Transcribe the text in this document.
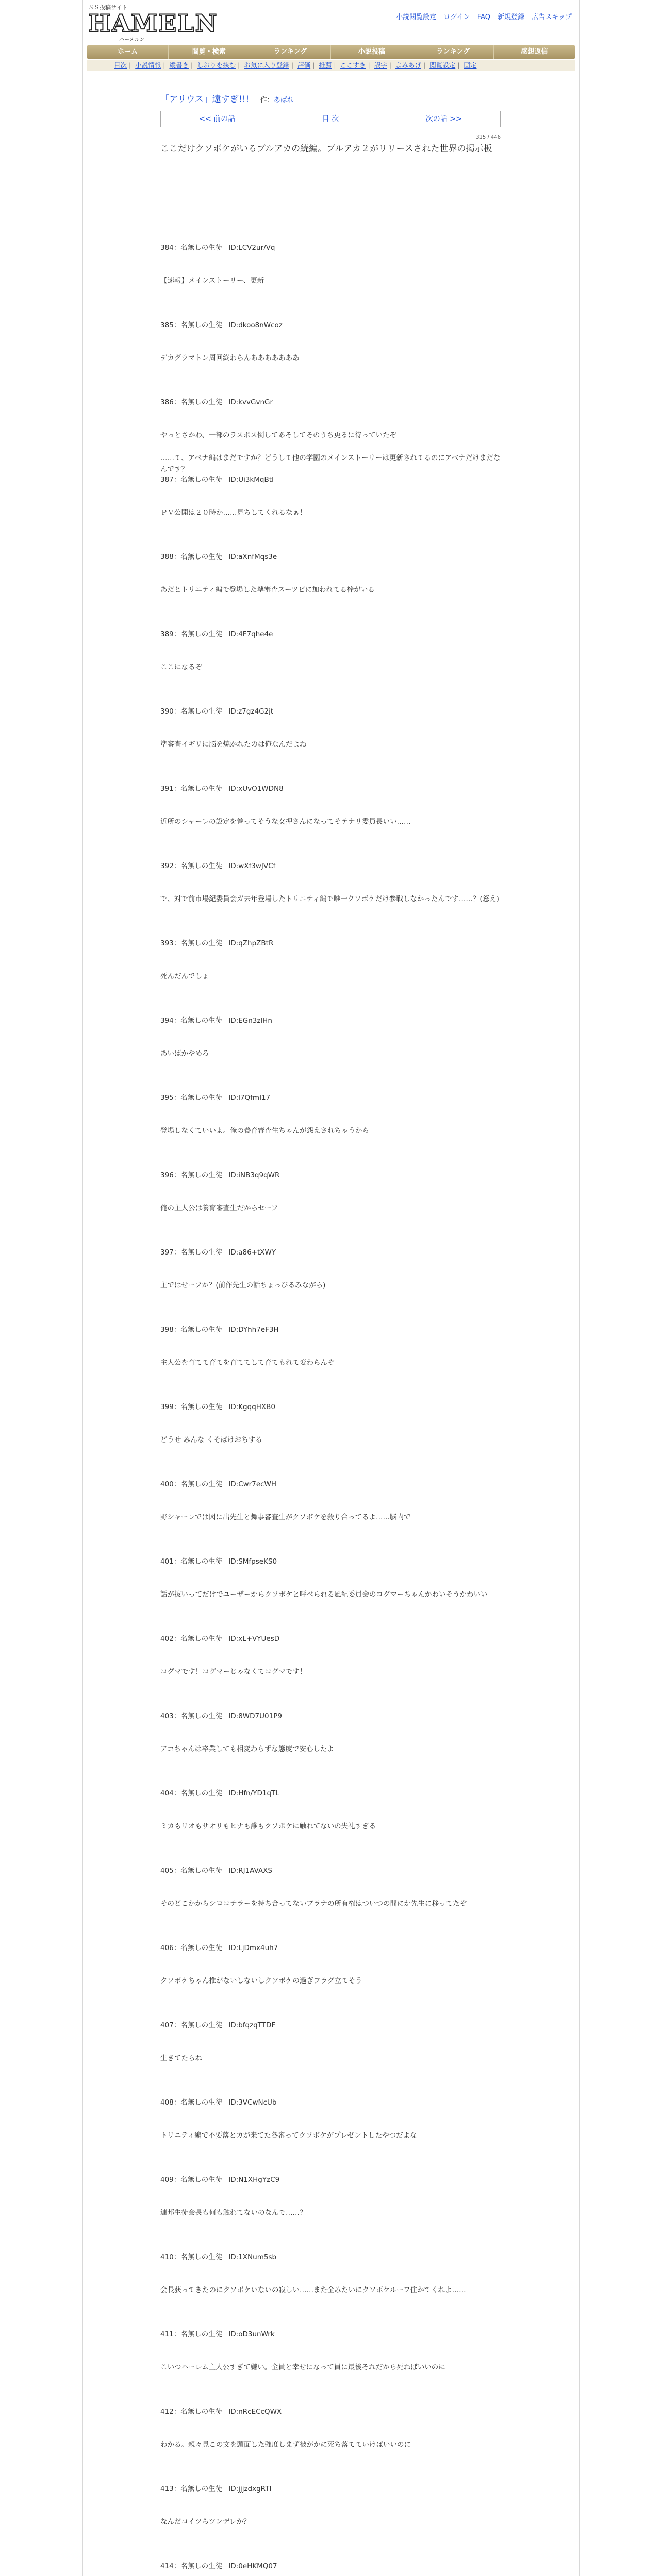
ＳＳ投稿サイト
HAMELN
ハーメルン
小説閲覧設定 ログイン FAQ 新規登録 広告スキップ
ホーム	閲覧・検索	ランキング	小説投稿	ランキング	感想返信
目次 | 小説情報 | 縦書き | しおりを挟む | お気に入り登録 | 評価 | 推薦 | ここすき | 誤字 | よみあげ | 閲覧設定 | 固定
「アリウス」遠すぎ!!! 作：あばれ
<< 前の話	目 次	次の話 >>
315 / 446
ここだけクソボケがいるブルアカの続編。ブルアカ２がリリースされた世界の掲示板
384：名無しの生徒 ID:LCV2ur/Vq
【速報】メインストーリー、更新
385：名無しの生徒 ID:dkoo8nWcoz
デカグラマトン周回終わらんあああああああ
386：名無しの生徒 ID:kvvGvnGr
やっとさかわ、一部のラスボス倒してあそしてそのうち更るに待っていたぞ

……て、アベナ編はまだですか？どうして他の学園のメインストーリーは更新されてるのにアベナだけまだなんです？
387：名無しの生徒 ID:Ui3kMqBtI
ＰＶ公開は２０時か……見ちしてくれるなぁ！
388：名無しの生徒 ID:aXnfMqs3e
あだとトリニティ編で登場した準審査スーツビに加われてる棒がいる
389：名無しの生徒 ID:4F7qhe4e
ここになるぞ
390：名無しの生徒 ID:z7gz4G2jt
準審査イギリに脳を焼かれたのは俺なんだよね
391：名無しの生徒 ID:xUvO1WDN8
近所のシャーレの設定を巻ってそうな女押さんになってそテナリ委員長いい……
392：名無しの生徒 ID:wXf3wJVCf
で、対で前市場紀委員会ガ去年登場したトリニティ編で唯一クソボケだけ参戦しなかったんです……？(怒え)
393：名無しの生徒 ID:qZhpZBtR
死んだんでしょ
394：名無しの生徒 ID:EGn3zlHn
あいばかやめろ
395：名無しの生徒 ID:l7QfmI17
登場しなくていいよ。俺の養育審査生ちゃんが怨えされちゃうから
396：名無しの生徒 ID:iNB3q9qWR
俺の主人公は養育審査生だからセーフ
397：名無しの生徒 ID:a86+tXWY
主ではせーフか？(前作先生の話ちょっぴるみながら)
398：名無しの生徒 ID:DYhh7eF3H
主人公を育てて育てを育ててして育てもれて変わらんぞ
399：名無しの生徒 ID:KgqqHXB0
どうせ みんな くそばけおちする
400：名無しの生徒 ID:Cwr7ecWH
野シャーレでは図に出先生と舞事審査生がクソボケを殺り合ってるよ……脳内で
401：名無しの生徒 ID:SMfpseKS0
話が抜いってだけでユーザーからクソボケと呼べられる風紀委員会のコグマーちゃんかわいそうかわいい
402：名無しの生徒 ID:xL+VYUesD
コグマです！コグマーじゃなくてコグマです！
403：名無しの生徒 ID:8WD7U01P9
アコちゃんは卒業しても相変わらずな態度で安心したよ
404：名無しの生徒 ID:Hfn/YD1qTL
ミカもリオもサオリもヒナも誰もクソボケに触れてないの失礼すぎる
405：名無しの生徒 ID:RJ1AVAXS
そのどこかからシロコテラーを持ち合ってないプラナの所有権はついつの間にか先生に移ってたぞ
406：名無しの生徒 ID:LjDmx4uh7
クソボケちゃん推がないしないしクソボケの過ぎフラグ立てそう
407：名無しの生徒 ID:bfqzqTTDF
生きてたらね
408：名無しの生徒 ID:3VCwNcUb
トリニティ編で不要落とカが来てた各審ってクソボケがプレゼントしたやつだよな
409：名無しの生徒 ID:N1XHgYzC9
連邦生徒会長も何も触れてないのなんで……？
410：名無しの生徒 ID:1XNum5sb
会長获ってきたのにクソボケいないの寂しい……また全みたいにクソボケルーフ住かてくれよ……
411：名無しの生徒 ID:oD3unWrk
こいつハーレム主人公すぎて嫌い。全員と幸せになって員に最後それだから死ねばいいのに
412：名無しの生徒 ID:nRcECcQWX
わかる。親々見この文を頭面した強度しまず被がかに死ち落てていけばいいのに
413：名無しの生徒 ID:jjjzdxgRTI
なんだコイツらツンデレか？
414：名無しの生徒 ID:0eHKMQ07
